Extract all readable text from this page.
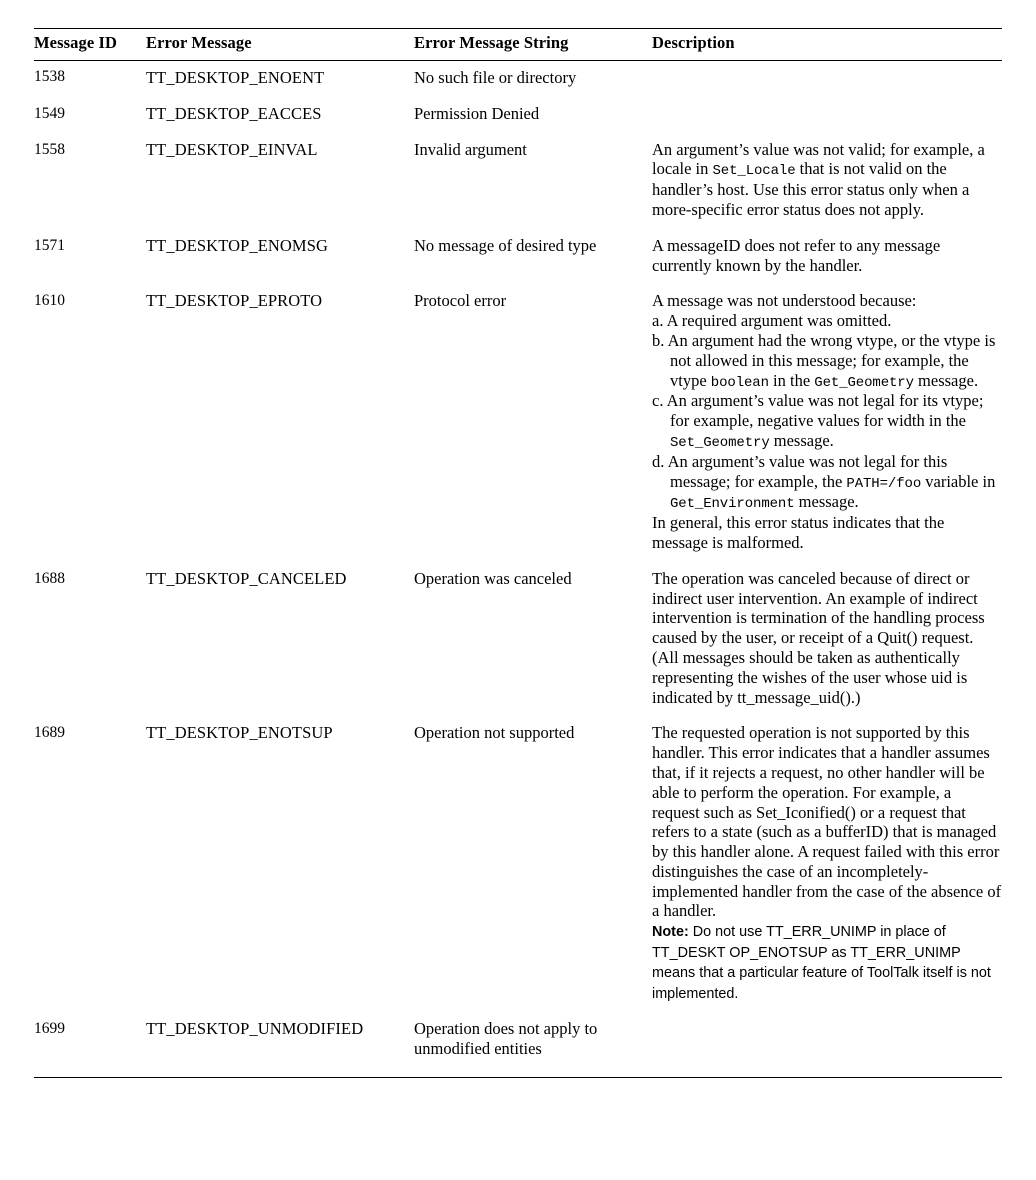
Message ID	Error Message	Error Message String	Description
1538	TT_DESKTOP_ENOENT	No such file or directory	
1549	TT_DESKTOP_EACCES	Permission Denied	
1558	TT_DESKTOP_EINVAL	Invalid argument	An argument’s value was not valid; for example, a locale in Set_Locale that is not valid on the handler’s host. Use this error status only when a more-specific error status does not apply.
1571	TT_DESKTOP_ENOMSG	No message of desired type	A messageID does not refer to any message currently known by the handler.
1610	TT_DESKTOP_EPROTO	Protocol error	A message was not understood because:
a. A required argument was omitted.
b. An argument had the wrong vtype, or the vtype is not allowed in this message; for example, the vtype boolean in the Get_Geometry message.
c. An argument’s value was not legal for its vtype; for example, negative values for width in the Set_Geometry message.
d. An argument’s value was not legal for this message; for example, the PATH=/foo variable in Get_Environment message.
In general, this error status indicates that the message is malformed.

1688	TT_DESKTOP_CANCELED	Operation was canceled	The operation was canceled because of direct or indirect user intervention. An example of indirect intervention is termination of the handling process caused by the user, or receipt of a Quit() request. (All messages should be taken as authentically representing the wishes of the user whose uid is indicated by tt_message_uid().)
1689	TT_DESKTOP_ENOTSUP	Operation not supported	The requested operation is not supported by this handler. This error indicates that a handler assumes that, if it rejects a request, no other handler will be able to perform the operation. For example, a request such as Set_Iconified() or a request that refers to a state (such as a bufferID) that is managed by this handler alone. A request failed with this error distinguishes the case of an incompletely-implemented handler from the case of the absence of a handler.
Note: Do not use TT_ERR_UNIMP in place of TT_DESKT OP_ENOTSUP as TT_ERR_UNIMP means that a particular feature of ToolTalk itself is not implemented.

1699	TT_DESKTOP_UNMODIFIED	Operation does not apply to unmodified entities	
